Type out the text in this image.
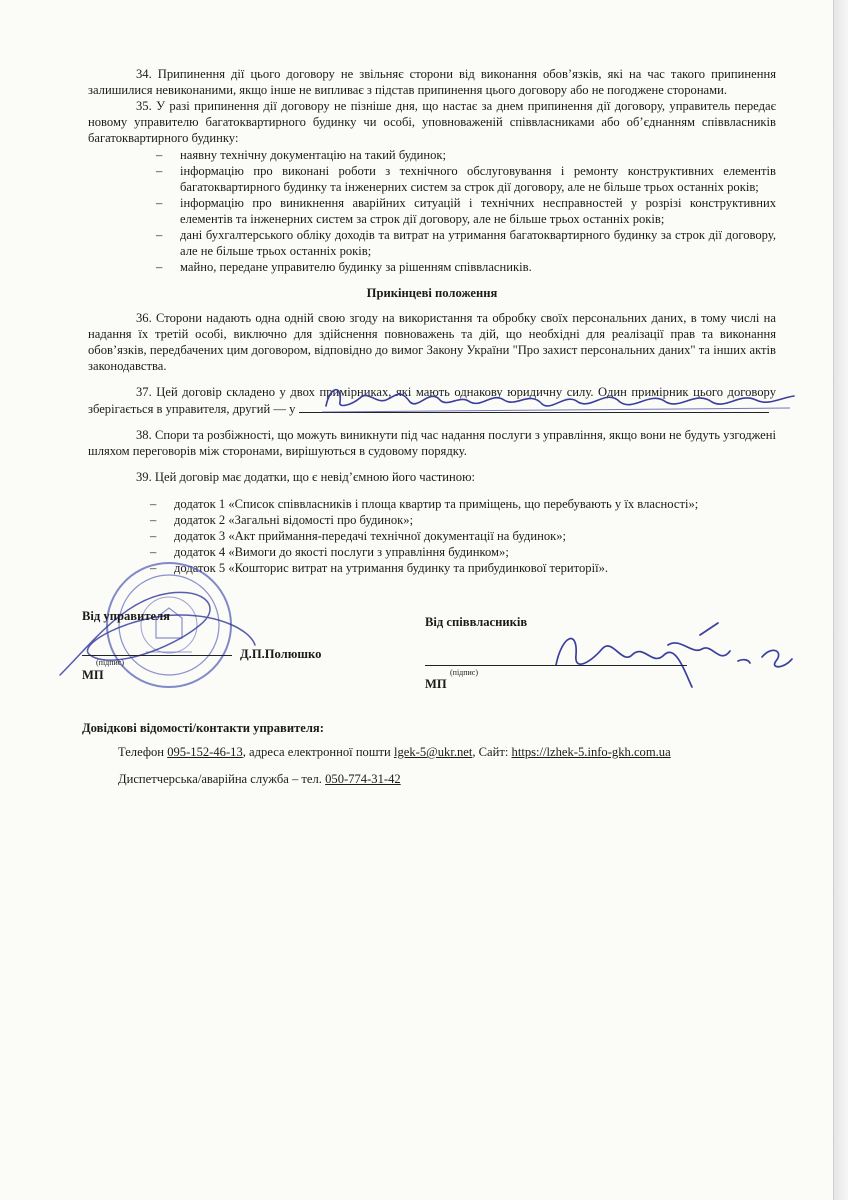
34. Припинення дії цього договору не звільняє сторони від виконання обов’язків, які на час такого припинення залишилися невиконаними, якщо інше не випливає з підстав припинення цього договору або не погоджене сторонами.

35. У разі припинення дії договору не пізніше дня, що настає за днем припинення дії договору, управитель передає новому управителю багатоквартирного будинку чи особі, уповноваженій співвласниками або об’єднанням співвласників багатоквартирного будинку:

– наявну технічну документацію на такий будинок;
– інформацію про виконані роботи з технічного обслуговування і ремонту конструктивних елементів багатоквартирного будинку та інженерних систем за строк дії договору, але не більше трьох останніх років;
– інформацію про виникнення аварійних ситуацій і технічних несправностей у розрізі конструктивних елементів та інженерних систем за строк дії договору, але не більше трьох останніх років;
– дані бухгалтерського обліку доходів та витрат на утримання багатоквартирного будинку за строк дії договору, але не більше трьох останніх років;
– майно, передане управителю будинку за рішенням співвласників.
Прикінцеві положення

36. Сторони надають одна одній свою згоду на використання та обробку своїх персональних даних, в тому числі на надання їх третій особі, виключно для здійснення повноважень та дій, що необхідні для реалізації прав та виконання обов’язків, передбачених цим договором, відповідно до вимог Закону України "Про захист персональних даних" та інших актів законодавства.

37. Цей договір складено у двох примірниках, які мають однакову юридичну силу. Один примірник цього договору зберігається в управителя, другий — у

38. Спори та розбіжності, що можуть виникнути під час надання послуги з управління, якщо вони не будуть узгоджені шляхом переговорів між сторонами, вирішуються в судовому порядку.

39. Цей договір має додатки, що є невід’ємною його частиною:

– додаток 1 «Список співвласників і площа квартир та приміщень, що перебувають у їх власності»;
– додаток 2 «Загальні відомості про будинок»;
– додаток 3 «Акт приймання-передачі технічної документації на будинок»;
– додаток 4 «Вимоги до якості послуги з управління будинком»;
– додаток 5 «Кошторис витрат на утримання будинку та прибудинкової території».
Від управителя
(підпис)
Д.П.Полюшко
МП
Від співвласників
(підпис)
МП
Довідкові відомості/контакти управителя:
Телефон 095-152-46-13, адреса електронної пошти lgek-5@ukr.net, Сайт: https://lzhek-5.info-gkh.com.ua
Диспетчерська/аварійна служба – тел. 050-774-31-42
